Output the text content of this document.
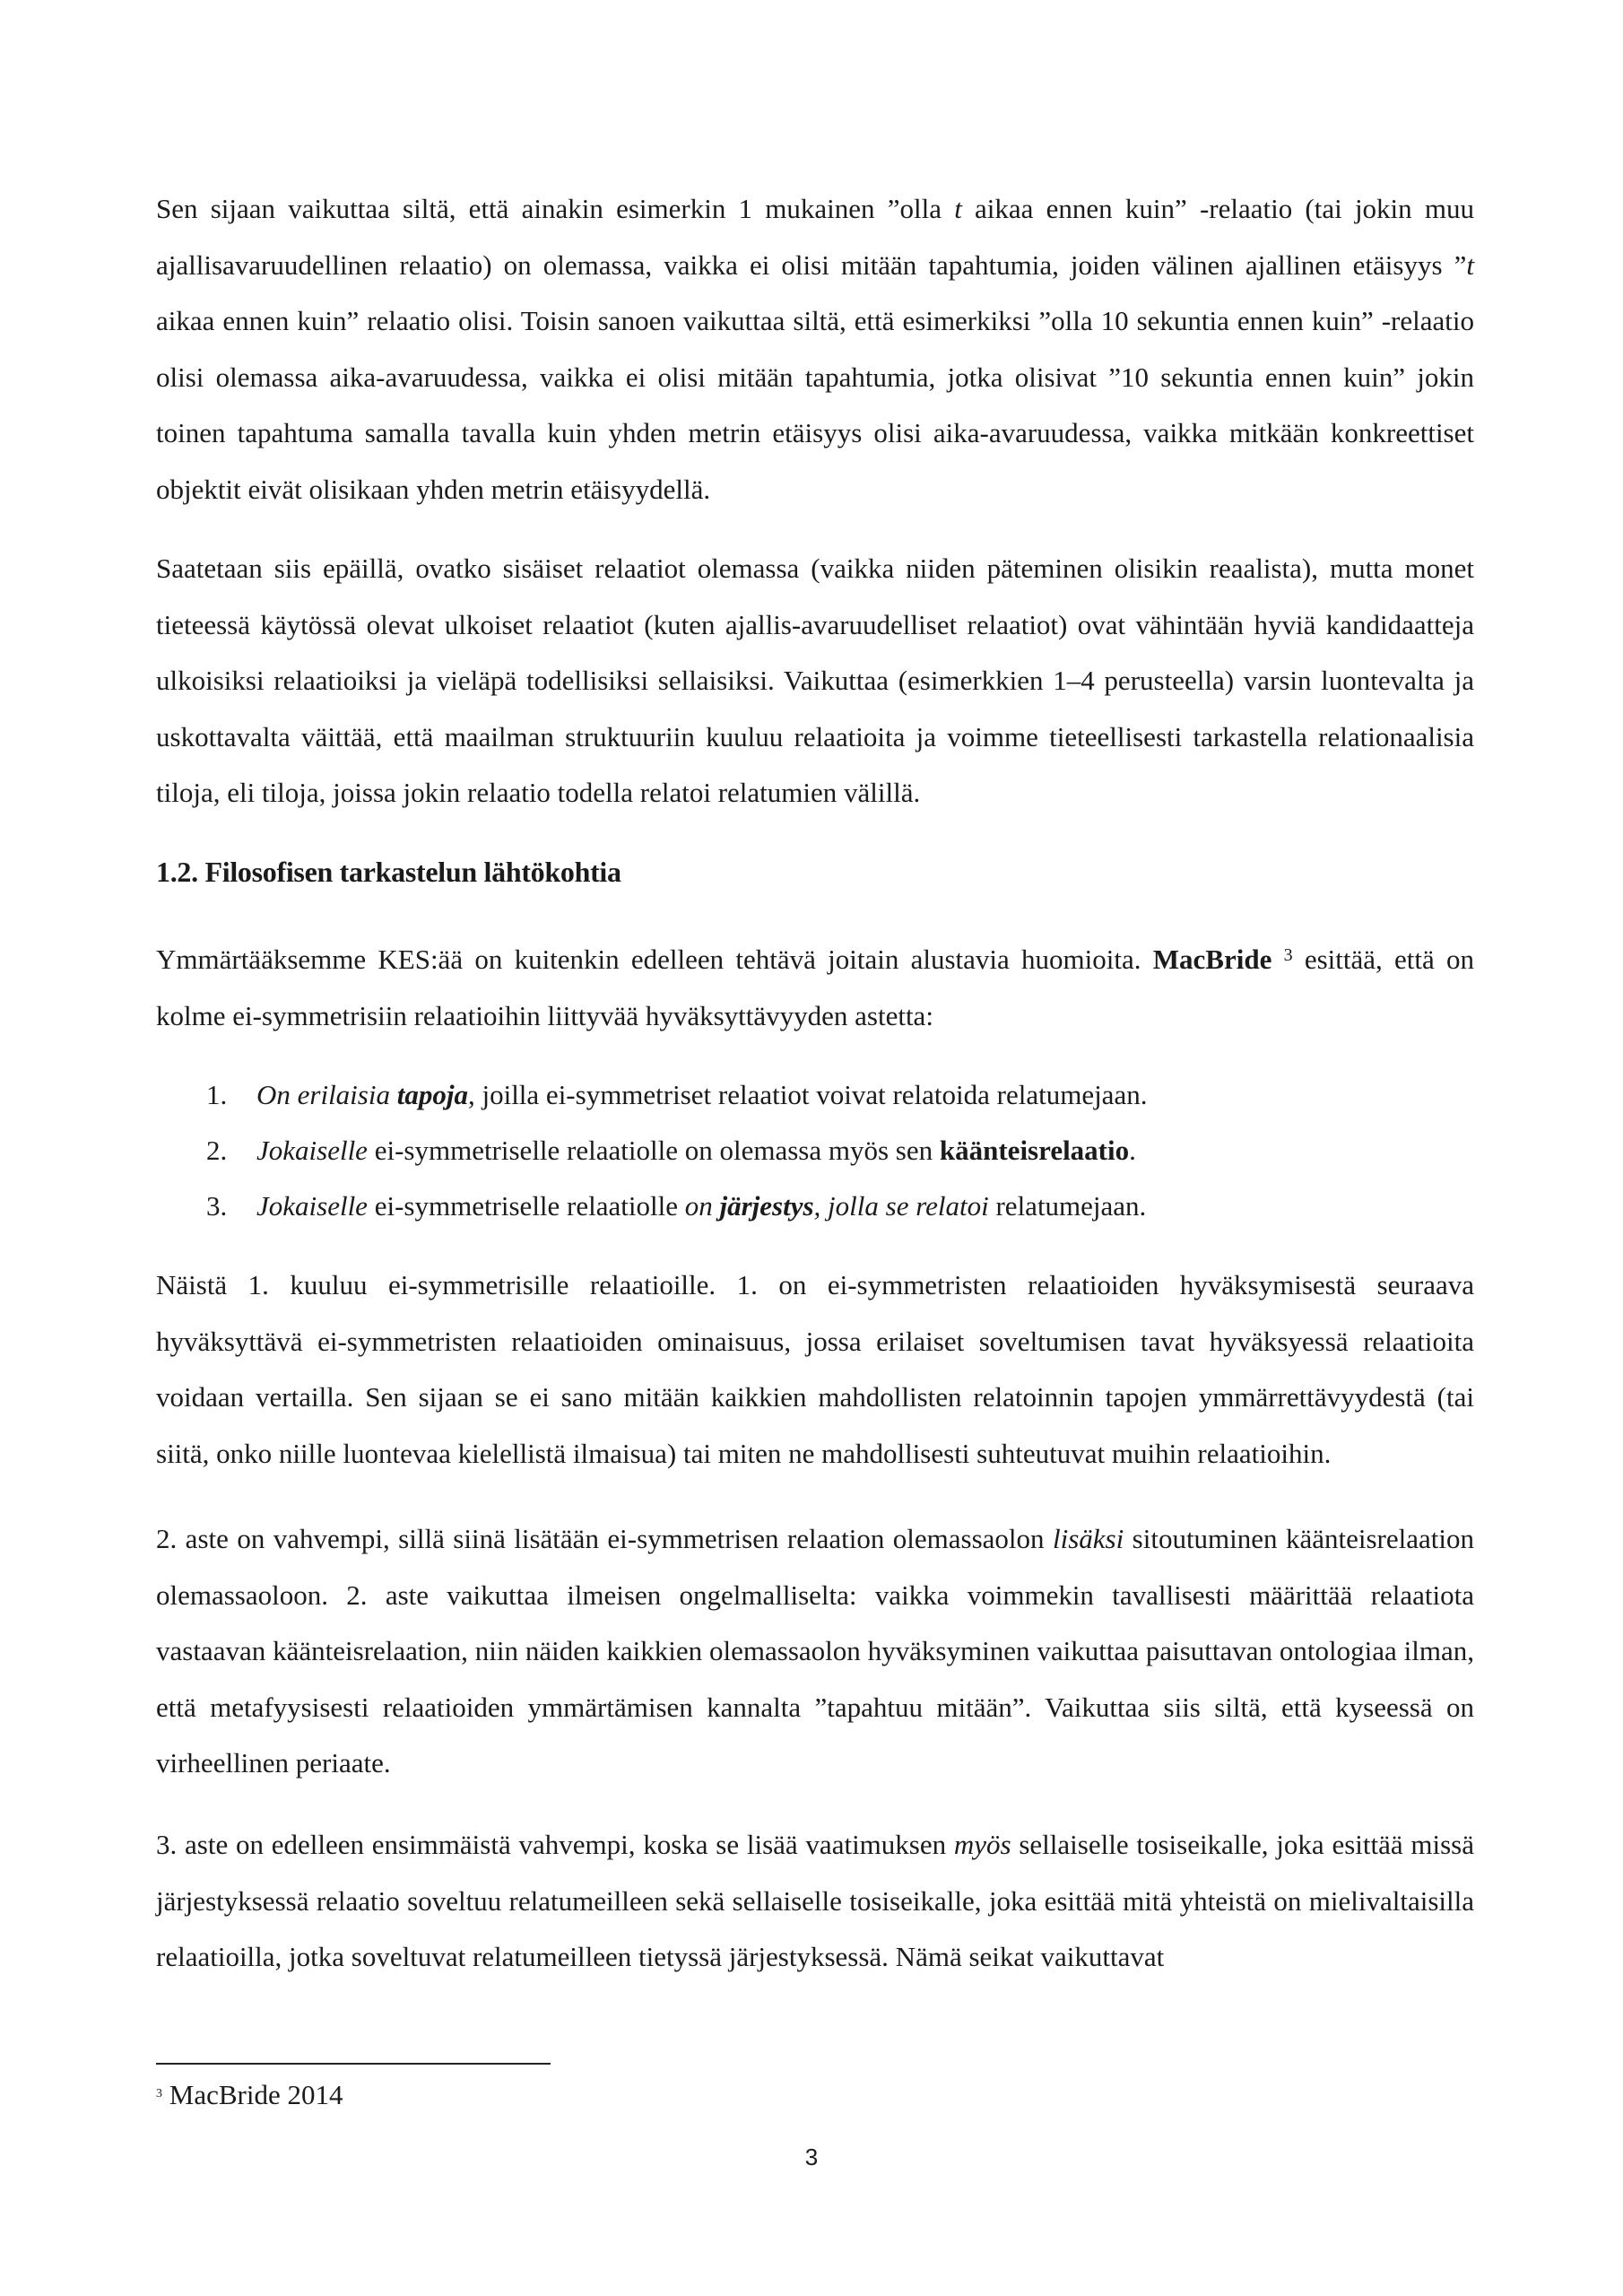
Sen sijaan vaikuttaa siltä, että ainakin esimerkin 1 mukainen ”olla t aikaa ennen kuin” -relaatio (tai jokin muu ajallisavaruudellinen relaatio) on olemassa, vaikka ei olisi mitään tapahtumia, joiden välinen ajallinen etäisyys ”t aikaa ennen kuin” relaatio olisi. Toisin sanoen vaikuttaa siltä, että esimerkiksi ”olla 10 sekuntia ennen kuin” -relaatio olisi olemassa aika-avaruudessa, vaikka ei olisi mitään tapahtumia, jotka olisivat ”10 sekuntia ennen kuin” jokin toinen tapahtuma samalla tavalla kuin yhden metrin etäisyys olisi aika-avaruudessa, vaikka mitkään konkreettiset objektit eivät olisikaan yhden metrin etäisyydellä.

Saatetaan siis epäillä, ovatko sisäiset relaatiot olemassa (vaikka niiden päteminen olisikin reaalista), mutta monet tieteessä käytössä olevat ulkoiset relaatiot (kuten ajallis-avaruudelliset relaatiot) ovat vähintään hyviä kandidaatteja ulkoisiksi relaatioiksi ja vieläpä todellisiksi sellaisiksi. Vaikuttaa (esimerkkien 1–4 perusteella) varsin luontevalta ja uskottavalta väittää, että maailman struktuuriin kuuluu relaatioita ja voimme tieteellisesti tarkastella relationaalisia tiloja, eli tiloja, joissa jokin relaatio todella relatoi relatumien välillä.

1.2. Filosofisen tarkastelun lähtökohtia

Ymmärtääksemme KES:ää on kuitenkin edelleen tehtävä joitain alustavia huomioita. MacBride $^3$ esittää, että on kolme ei-symmetrisiin relaatioihin liittyvää hyväksyttävyyden astetta:

1. On erilaisia tapoja, joilla ei-symmetriset relaatiot voivat relatoida relatumejaan.
2. Jokaiselle ei-symmetriselle relaatiolle on olemassa myös sen käänteisrelaatio.
3. Jokaiselle ei-symmetriselle relaatiolle on järjestys, jolla se relatoi relatumejaan.

Näistä 1. kuuluu ei-symmetrisille relaatioille. 1. on ei-symmetristen relaatioiden hyväksymisestä seuraava hyväksyttävä ei-symmetristen relaatioiden ominaisuus, jossa erilaiset soveltumisen tavat hyväksyessä relaatioita voidaan vertailla. Sen sijaan se ei sano mitään kaikkien mahdollisten relatoinnin tapojen ymmärrettävyydestä (tai siitä, onko niille luontevaa kielellistä ilmaisua) tai miten ne mahdollisesti suhteutuvat muihin relaatioihin.

2. aste on vahvempi, sillä siinä lisätään ei-symmetrisen relaation olemassaolon lisäksi sitoutuminen käänteisrelaation olemassaoloon. 2. aste vaikuttaa ilmeisen ongelmalliselta: vaikka voimmekin tavallisesti määrittää relaatiota vastaavan käänteisrelaation, niin näiden kaikkien olemassaolon hyväksyminen vaikuttaa paisuttavan ontologiaa ilman, että metafyysisesti relaatioiden ymmärtämisen kannalta ”tapahtuu mitään”. Vaikuttaa siis siltä, että kyseessä on virheellinen periaate.

3. aste on edelleen ensimmäistä vahvempi, koska se lisää vaatimuksen myös sellaiselle tosiseikalle, joka esittää missä järjestyksessä relaatio soveltuu relatumeilleen sekä sellaiselle tosiseikalle, joka esittää mitä yhteistä on mielivaltaisilla relaatioilla, jotka soveltuvat relatumeilleen tietyssä järjestyksessä. Nämä seikat vaikuttavat

$^3$ MacBride 2014
3
